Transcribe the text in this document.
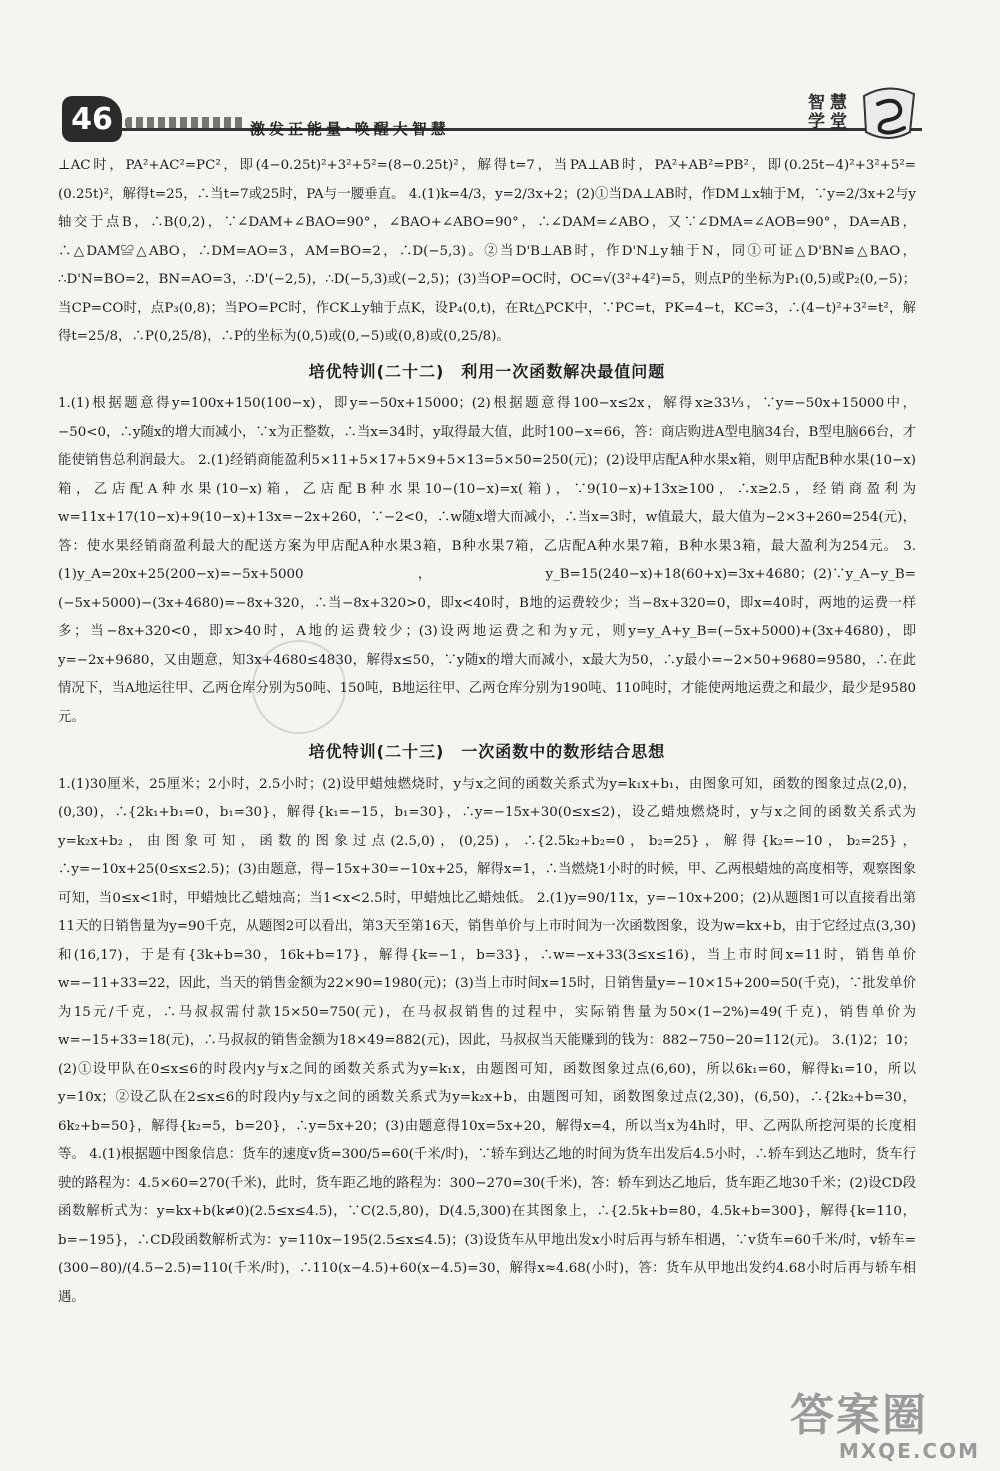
46	激发正能量·唤醒大智慧
智 慧
学 堂

⊥AC时，PA²+AC²=PC²，即(4−0.25t)²+3²+5²=(8−0.25t)²，解得t=7，当PA⊥AB时，PA²+AB²=PB²，即(0.25t−4)²+3²+5²=(0.25t)²，解得t=25，∴当t=7或25时，PA与一腰垂直。 4.(1)k=4/3，y=2/3x+2；(2)①当DA⊥AB时，作DM⊥x轴于M，∵y=2/3x+2与y轴交于点B，∴B(0,2)，∵∠DAM+∠BAO=90°，∠BAO+∠ABO=90°，∴∠DAM=∠ABO，又∵∠DMA=∠AOB=90°，DA=AB，∴△DAM≌△ABO，∴DM=AO=3，AM=BO=2，∴D(−5,3)。②当D'B⊥AB时，作D'N⊥y轴于N，同①可证△D'BN≌△BAO，∴D'N=BO=2，BN=AO=3，∴D'(−2,5)，∴D(−5,3)或(−2,5)；(3)当OP=OC时，OC=√(3²+4²)=5，则点P的坐标为P₁(0,5)或P₂(0,−5)；当CP=CO时，点P₃(0,8)；当PO=PC时，作CK⊥y轴于点K，设P₄(0,t)，在Rt△PCK中，∵PC=t，PK=4−t，KC=3，∴(4−t)²+3²=t²，解得t=25/8，∴P(0,25/8)，∴P的坐标为(0,5)或(0,−5)或(0,8)或(0,25/8)。

培优特训(二十二)　利用一次函数解决最值问题

1.(1)根据题意得y=100x+150(100−x)，即y=−50x+15000；(2)根据题意得100−x≤2x，解得x≥33⅓，∵y=−50x+15000中，−50<0，∴y随x的增大而减小，∵x为正整数，∴当x=34时，y取得最大值，此时100−x=66，答：商店购进A型电脑34台，B型电脑66台，才能使销售总利润最大。 2.(1)经销商能盈利5×11+5×17+5×9+5×13=5×50=250(元)；(2)设甲店配A种水果x箱，则甲店配B种水果(10−x)箱，乙店配A种水果(10−x)箱，乙店配B种水果10−(10−x)=x(箱)，∵9(10−x)+13x≥100，∴x≥2.5，经销商盈利为w=11x+17(10−x)+9(10−x)+13x=−2x+260，∵−2<0，∴w随x增大而减小，∴当x=3时，w值最大，最大值为−2×3+260=254(元)，答：使水果经销商盈利最大的配送方案为甲店配A种水果3箱，B种水果7箱，乙店配A种水果7箱，B种水果3箱，最大盈利为254元。 3.(1)y_A=20x+25(200−x)=−5x+5000，y_B=15(240−x)+18(60+x)=3x+4680；(2)∵y_A−y_B=(−5x+5000)−(3x+4680)=−8x+320，∴当−8x+320>0，即x<40时，B地的运费较少；当−8x+320=0，即x=40时，两地的运费一样多；当−8x+320<0，即x>40时，A地的运费较少；(3)设两地运费之和为y元，则y=y_A+y_B=(−5x+5000)+(3x+4680)，即y=−2x+9680，又由题意，知3x+4680≤4830，解得x≤50，∵y随x的增大而减小，x最大为50，∴y最小=−2×50+9680=9580，∴在此情况下，当A地运往甲、乙两仓库分别为50吨、150吨，B地运往甲、乙两仓库分别为190吨、110吨时，才能使两地运费之和最少，最少是9580元。

培优特训(二十三)　一次函数中的数形结合思想

1.(1)30厘米，25厘米；2小时，2.5小时；(2)设甲蜡烛燃烧时，y与x之间的函数关系式为y=k₁x+b₁，由图象可知，函数的图象过点(2,0)，(0,30)，∴{2k₁+b₁=0，b₁=30}，解得{k₁=−15，b₁=30}，∴y=−15x+30(0≤x≤2)，设乙蜡烛燃烧时，y与x之间的函数关系式为y=k₂x+b₂，由图象可知，函数的图象过点(2.5,0)，(0,25)，∴{2.5k₂+b₂=0，b₂=25}，解得{k₂=−10，b₂=25}，∴y=−10x+25(0≤x≤2.5)；(3)由题意，得−15x+30=−10x+25，解得x=1，∴当燃烧1小时的时候，甲、乙两根蜡烛的高度相等，观察图象可知，当0≤x<1时，甲蜡烛比乙蜡烛高；当1<x<2.5时，甲蜡烛比乙蜡烛低。 2.(1)y=90/11x，y=−10x+200；(2)从题图1可以直接看出第11天的日销售量为y=90千克，从题图2可以看出，第3天至第16天，销售单价与上市时间为一次函数图象，设为w=kx+b，由于它经过点(3,30)和(16,17)，于是有{3k+b=30，16k+b=17}，解得{k=−1，b=33}，∴w=−x+33(3≤x≤16)，当上市时间x=11时，销售单价w=−11+33=22，因此，当天的销售金额为22×90=1980(元)；(3)当上市时间x=15时，日销售量y=−10×15+200=50(千克)，∵批发单价为15元/千克，∴马叔叔需付款15×50=750(元)，在马叔叔销售的过程中，实际销售量为50×(1−2%)=49(千克)，销售单价为w=−15+33=18(元)，∴马叔叔的销售金额为18×49=882(元)，因此，马叔叔当天能赚到的钱为：882−750−20=112(元)。 3.(1)2；10；(2)①设甲队在0≤x≤6的时段内y与x之间的函数关系式为y=k₁x，由题图可知，函数图象过点(6,60)，所以6k₁=60，解得k₁=10，所以y=10x；②设乙队在2≤x≤6的时段内y与x之间的函数关系式为y=k₂x+b，由题图可知，函数图象过点(2,30)，(6,50)，∴{2k₂+b=30，6k₂+b=50}，解得{k₂=5，b=20}，∴y=5x+20；(3)由题意得10x=5x+20，解得x=4，所以当x为4h时，甲、乙两队所挖河渠的长度相等。 4.(1)根据题中图象信息：货车的速度v货=300/5=60(千米/时)，∵轿车到达乙地的时间为货车出发后4.5小时，∴轿车到达乙地时，货车行驶的路程为：4.5×60=270(千米)，此时，货车距乙地的路程为：300−270=30(千米)，答：轿车到达乙地后，货车距乙地30千米；(2)设CD段函数解析式为：y=kx+b(k≠0)(2.5≤x≤4.5)，∵C(2.5,80)，D(4.5,300)在其图象上，∴{2.5k+b=80，4.5k+b=300}，解得{k=110，b=−195}，∴CD段函数解析式为：y=110x−195(2.5≤x≤4.5)；(3)设货车从甲地出发x小时后再与轿车相遇，∵v货车=60千米/时，v轿车=(300−80)/(4.5−2.5)=110(千米/时)，∴110(x−4.5)+60(x−4.5)=30，解得x≈4.68(小时)，答：货车从甲地出发约4.68小时后再与轿车相遇。

答案圈
MXQE.COM
